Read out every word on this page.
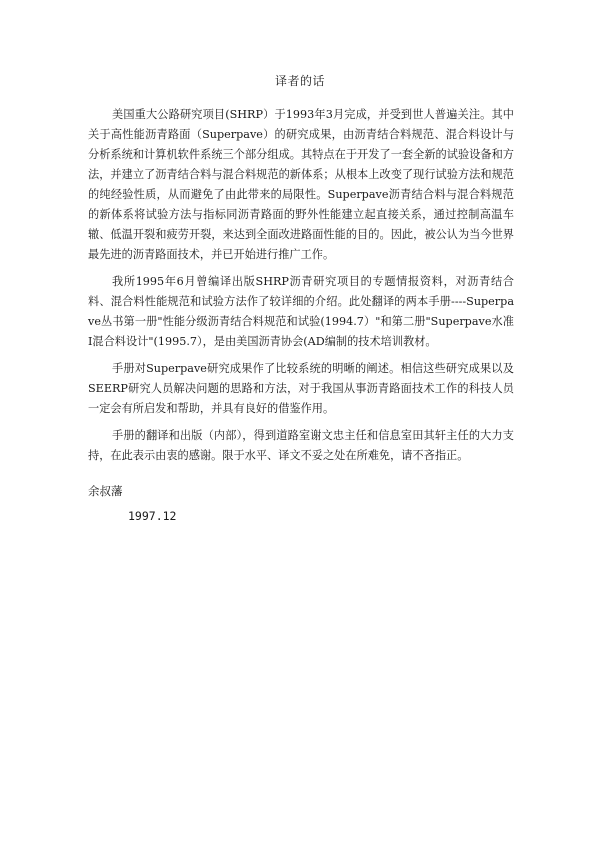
译者的话

美国重大公路研究项目(SHRP）于1993年3月完成，并受到世人普遍关注。其中关于高性能沥青路面（Superpave）的研究成果，由沥青结合料规范、混合料设计与分析系统和计算机软件系统三个部分组成。其特点在于开发了一套全新的试验设备和方法，并建立了沥青结合料与混合料规范的新体系；从根本上改变了现行试验方法和规范的纯经验性质，从而避免了由此带来的局限性。Superpave沥青结合料与混合料规范的新体系将试验方法与指标同沥青路面的野外性能建立起直接关系，通过控制高温车辙、低温开裂和疲劳开裂，来达到全面改进路面性能的目的。因此，被公认为当今世界最先进的沥青路面技术，并已开始进行推广工作。

我所1995年6月曾编译出版SHRP沥青研究项目的专题情报资料，对沥青结合料、混合料性能规范和试验方法作了较详细的介绍。此处翻译的两本手册----Superpave丛书第一册"性能分级沥青结合料规范和试验(1994.7）"和第二册"Superpave水准Ⅰ混合料设计"(1995.7），是由美国沥青协会(AD编制的技术培训教材。

手册对Superpave研究成果作了比较系统的明晰的阐述。相信这些研究成果以及SEERP研究人员解决问题的思路和方法，对于我国从事沥青路面技术工作的科技人员一定会有所启发和帮助，并具有良好的借鉴作用。

手册的翻译和出版（内部），得到道路室谢文忠主任和信息室田其轩主任的大力支持，在此表示由衷的感谢。限于水平、译文不妥之处在所难免，请不吝指正。

余叔藩
1997.12
